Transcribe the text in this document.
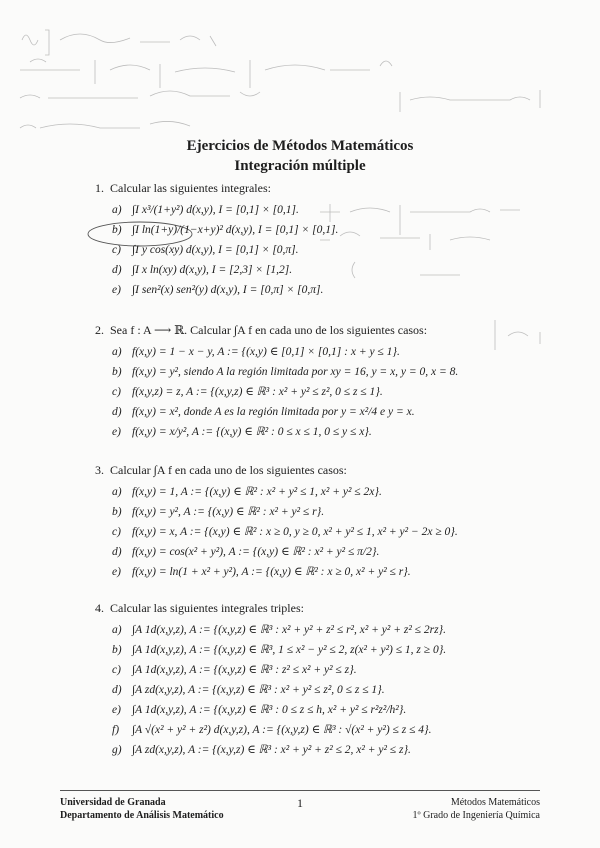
Ejercicios de Métodos Matemáticos
Integración múltiple
1. Calcular las siguientes integrales:
a) ∫I x³/(1+y²) d(x,y), I = [0,1] × [0,1].
b) ∫I ln(1+y)/(1−x+y)² d(x,y), I = [0,1] × [0,1].
c) ∫I y cos(xy) d(x,y), I = [0,1] × [0,π].
d) ∫I x ln(xy) d(x,y), I = [2,3] × [1,2].
e) ∫I sen²(x) sen²(y) d(x,y), I = [0,π] × [0,π].
2. Sea f : A ⟶ ℝ. Calcular ∫A f en cada uno de los siguientes casos:
a) f(x,y) = 1 − x − y, A := {(x,y) ∈ [0,1] × [0,1] : x + y ≤ 1}.
b) f(x,y) = y², siendo A la región limitada por xy = 16, y = x, y = 0, x = 8.
c) f(x,y,z) = z, A := {(x,y,z) ∈ ℝ³ : x² + y² ≤ z², 0 ≤ z ≤ 1}.
d) f(x,y) = x², donde A es la región limitada por y = x²/4 e y = x.
e) f(x,y) = x/y², A := {(x,y) ∈ ℝ² : 0 ≤ x ≤ 1, 0 ≤ y ≤ x}.
3. Calcular ∫A f en cada uno de los siguientes casos:
a) f(x,y) = 1, A := {(x,y) ∈ ℝ² : x² + y² ≤ 1, x² + y² ≤ 2x}.
b) f(x,y) = y², A := {(x,y) ∈ ℝ² : x² + y² ≤ r}.
c) f(x,y) = x, A := {(x,y) ∈ ℝ² : x ≥ 0, y ≥ 0, x² + y² ≤ 1, x² + y² − 2x ≥ 0}.
d) f(x,y) = cos(x² + y²), A := {(x,y) ∈ ℝ² : x² + y² ≤ π/2}.
e) f(x,y) = ln(1 + x² + y²), A := {(x,y) ∈ ℝ² : x ≥ 0, x² + y² ≤ r}.
4. Calcular las siguientes integrales triples:
a) ∫A 1d(x,y,z), A := {(x,y,z) ∈ ℝ³ : x² + y² + z² ≤ r², x² + y² + z² ≤ 2rz}.
b) ∫A 1d(x,y,z), A := {(x,y,z) ∈ ℝ³, 1 ≤ x² − y² ≤ 2, z(x² + y²) ≤ 1, z ≥ 0}.
c) ∫A 1d(x,y,z), A := {(x,y,z) ∈ ℝ³ : z² ≤ x² + y² ≤ z}.
d) ∫A zd(x,y,z), A := {(x,y,z) ∈ ℝ³ : x² + y² ≤ z², 0 ≤ z ≤ 1}.
e) ∫A 1d(x,y,z), A := {(x,y,z) ∈ ℝ³ : 0 ≤ z ≤ h, x² + y² ≤ r²z²/h²}.
f)	∫A √(x² + y² + z²) d(x,y,z), A := {(x,y,z) ∈ ℝ³ : √(x² + y²) ≤ z ≤ 4}.
g) ∫A zd(x,y,z), A := {(x,y,z) ∈ ℝ³ : x² + y² + z² ≤ 2, x² + y² ≤ z}.
Universidad de Granada
Departamento de Análisis Matemático
1	Métodos Matemáticos
1º Grado de Ingeniería Química
